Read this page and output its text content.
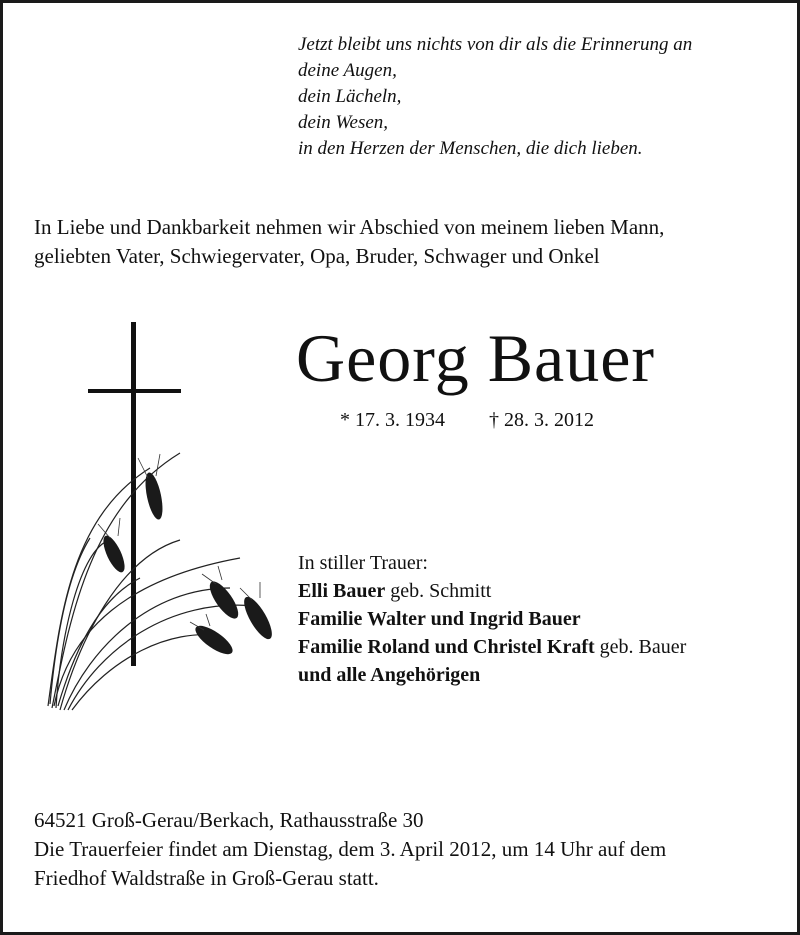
Jetzt bleibt uns nichts von dir als die Erinnerung an
deine Augen,
dein Lächeln,
dein Wesen,
in den Herzen der Menschen, die dich lieben.
In Liebe und Dankbarkeit nehmen wir Abschied von meinem lieben Mann,
geliebten Vater, Schwiegervater, Opa, Bruder, Schwager und Onkel
Georg Bauer
* 17. 3. 1934 † 28. 3. 2012
In stiller Trauer:
Elli Bauer geb. Schmitt
Familie Walter und Ingrid Bauer
Familie Roland und Christel Kraft geb. Bauer
und alle Angehörigen
64521 Groß-Gerau/Berkach, Rathausstraße 30
Die Trauerfeier findet am Dienstag, dem 3. April 2012, um 14 Uhr auf dem
Friedhof Waldstraße in Groß-Gerau statt.
